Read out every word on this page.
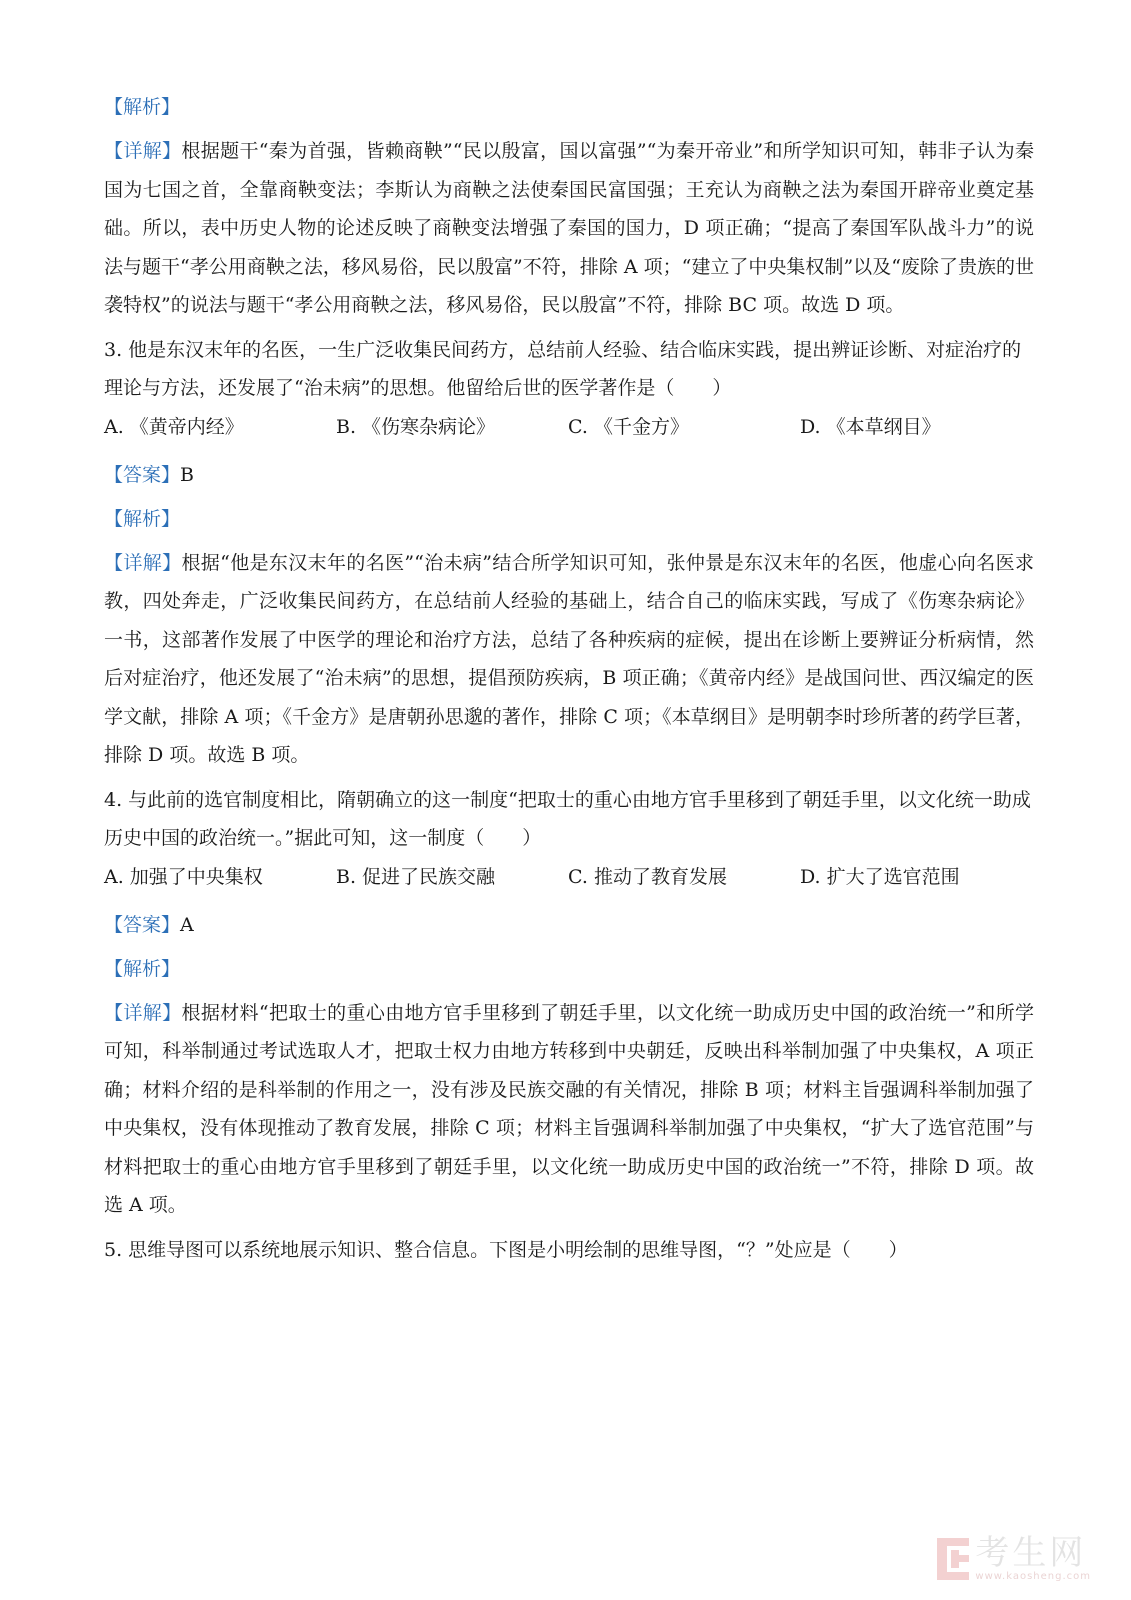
【解析】

【详解】根据题干“秦为首强，皆赖商鞅”“民以殷富，国以富强”“为秦开帝业”和所学知识可知，韩非子认为秦国为七国之首，全靠商鞅变法；李斯认为商鞅之法使秦国民富国强；王充认为商鞅之法为秦国开辟帝业奠定基础。所以，表中历史人物的论述反映了商鞅变法增强了秦国的国力，D 项正确；“提高了秦国军队战斗力”的说法与题干“孝公用商鞅之法，移风易俗，民以殷富”不符，排除 A 项；“建立了中央集权制”以及“废除了贵族的世袭特权”的说法与题干“孝公用商鞅之法，移风易俗，民以殷富”不符，排除 BC 项。故选 D 项。

3. 他是东汉末年的名医，一生广泛收集民间药方，总结前人经验、结合临床实践，提出辨证诊断、对症治疗的理论与方法，还发展了“治未病”的思想。他留给后世的医学著作是（　　）

A. 《黄帝内经》	B. 《伤寒杂病论》	C. 《千金方》	D. 《本草纲目》
【答案】B
【解析】

【详解】根据“他是东汉末年的名医”“治未病”结合所学知识可知，张仲景是东汉末年的名医，他虚心向名医求教，四处奔走，广泛收集民间药方，在总结前人经验的基础上，结合自己的临床实践，写成了《伤寒杂病论》一书，这部著作发展了中医学的理论和治疗方法，总结了各种疾病的症候，提出在诊断上要辨证分析病情，然后对症治疗，他还发展了“治未病”的思想，提倡预防疾病，B 项正确；《黄帝内经》是战国问世、西汉编定的医学文献，排除 A 项；《千金方》是唐朝孙思邈的著作，排除 C 项；《本草纲目》是明朝李时珍所著的药学巨著，排除 D 项。故选 B 项。

4. 与此前的选官制度相比，隋朝确立的这一制度“把取士的重心由地方官手里移到了朝廷手里，以文化统一助成历史中国的政治统一。”据此可知，这一制度（　　）

A. 加强了中央集权	B. 促进了民族交融	C. 推动了教育发展	D. 扩大了选官范围
【答案】A
【解析】

【详解】根据材料“把取士的重心由地方官手里移到了朝廷手里，以文化统一助成历史中国的政治统一”和所学可知，科举制通过考试选取人才，把取士权力由地方转移到中央朝廷，反映出科举制加强了中央集权，A 项正确；材料介绍的是科举制的作用之一，没有涉及民族交融的有关情况，排除 B 项；材料主旨强调科举制加强了中央集权，没有体现推动了教育发展，排除 C 项；材料主旨强调科举制加强了中央集权，“扩大了选官范围”与材料把取士的重心由地方官手里移到了朝廷手里，以文化统一助成历史中国的政治统一”不符，排除 D 项。故选 A 项。

5. 思维导图可以系统地展示知识、整合信息。下图是小明绘制的思维导图，“？”处应是（　　）

考生网
www.kaosheng.com
